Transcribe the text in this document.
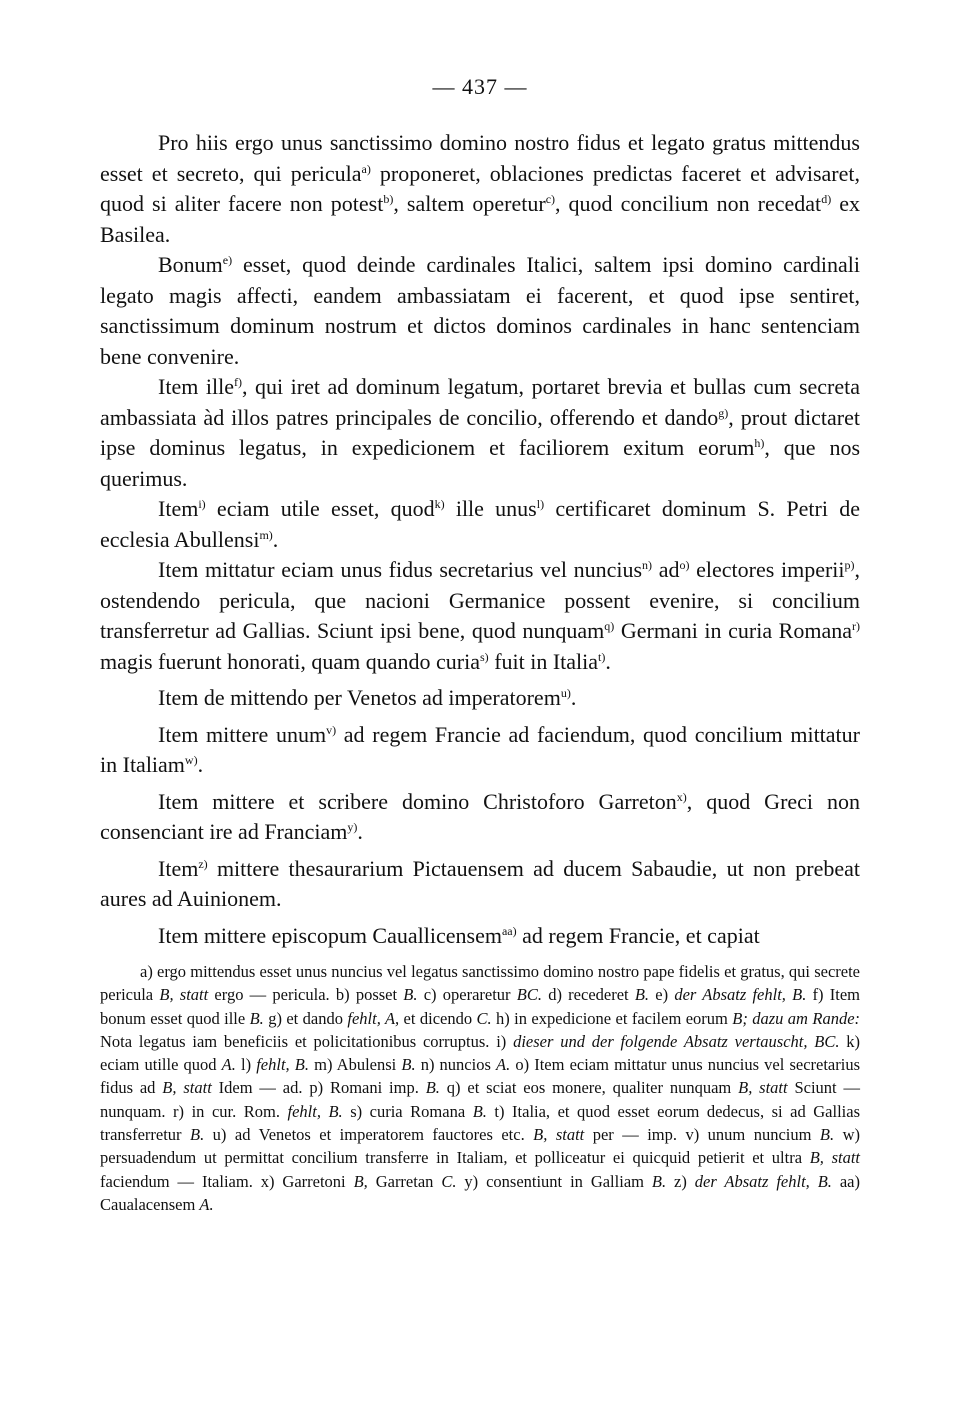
— 437 —

Pro hiis ergo unus sanctissimo domino nostro fidus et legato gratus mittendus esset et secreto, qui pericula$^{a)}$ proponeret, oblaciones predictas faceret et advisaret, quod si aliter facere non potest$^{b)}$, saltem operetur$^{c)}$, quod concilium non recedat$^{d)}$ ex Basilea.

Bonum$^{e)}$ esset, quod deinde cardinales Italici, saltem ipsi domino cardinali legato magis affecti, eandem ambassiatam ei facerent, et quod ipse sentiret, sanctissimum dominum nostrum et dictos dominos cardinales in hanc sentenciam bene convenire.

Item ille$^{f)}$, qui iret ad dominum legatum, portaret brevia et bullas cum secreta ambassiata àd illos patres principales de concilio, offerendo et dando$^{g)}$, prout dictaret ipse dominus legatus, in expedicionem et faciliorem exitum eorum$^{h)}$, que nos querimus.

Item$^{i)}$ eciam utile esset, quod$^{k)}$ ille unus$^{l)}$ certificaret dominum S. Petri de ecclesia Abullensi$^{m)}$.

Item mittatur eciam unus fidus secretarius vel nuncius$^{n)}$ $ad^{o)}$ electores imperii$^{p)}$, ostendendo pericula, que nacioni Germanice possent evenire, si concilium transferretur ad Gallias. Sciunt ipsi bene, quod nunquam$^{q)}$ Germani in curia Romana$^{r)}$ magis fuerunt honorati, quam quando curia$^{s)}$ fuit in Italia$^{t)}$.

Item de mittendo per Venetos ad imperatorem$^{u)}$.

Item mittere unum$^{v)}$ ad regem Francie ad faciendum, quod concilium mittatur in Italiam$^{w)}$.

Item mittere et scribere domino Christoforo Garreton$^{x)}$, quod Greci non consenciant ire ad Franciam$^{y)}$.

Item$^{z)}$ mittere thesaurarium Pictauensem ad ducem Sabaudie, ut non prebeat aures ad Auinionem.

Item mittere episcopum Cauallicensem$^{aa)}$ ad regem Francie, et capiat

a) ergo mittendus esset unus nuncius vel legatus sanctissimo domino nostro pape fidelis et gratus, qui secrete pericula B, statt ergo — pericula. b) posset B. c) operaretur BC. d) recederet B. e) der Absatz fehlt, B. f) Item bonum esset quod ille B. g) et dando fehlt, A, et dicendo C. h) in expedicione et facilem eorum B; dazu am Rande: Nota legatus iam beneficiis et policitationibus corruptus. i) dieser und der folgende Absatz vertauscht, BC. k) eciam utille quod A. l) fehlt, B. m) Abulensi B. n) nuncios A. o) Item eciam mittatur unus nuncius vel secretarius fidus ad B, statt Idem — ad. p) Romani imp. B. q) et sciat eos monere, qualiter nunquam B, statt Sciunt — nunquam. r) in cur. Rom. fehlt, B. s) curia Romana B. t) Italia, et quod esset eorum dedecus, si ad Gallias transferretur B. u) ad Venetos et imperatorem fauctores etc. B, statt per — imp. v) unum nuncium B. w) persuadendum ut permittat concilium transferre in Italiam, et polliceatur ei quicquid petierit et ultra B, statt faciendum — Italiam. x) Garretoni B, Garretan C. y) consentiunt in Galliam B. z) der Absatz fehlt, B. aa) Caualacensem A.
